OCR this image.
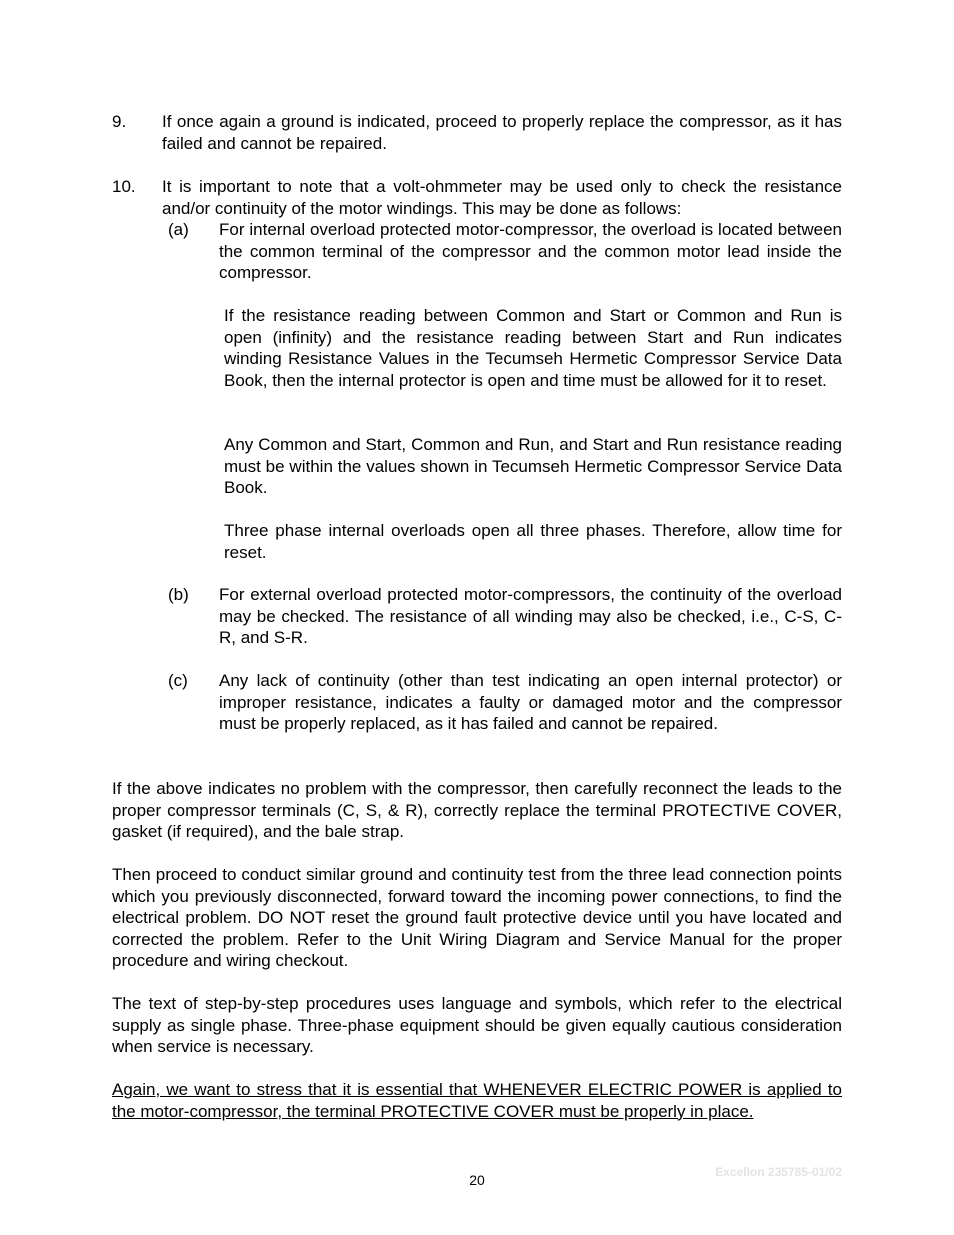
9. If once again a ground is indicated, proceed to properly replace the compressor, as it has failed and cannot be repaired.
10. It is important to note that a volt-ohmmeter may be used only to check the resistance and/or continuity of the motor windings. This may be done as follows:
(a) For internal overload protected motor-compressor, the overload is located between the common terminal of the compressor and the common motor lead inside the compressor.
If the resistance reading between Common and Start or Common and Run is open (infinity) and the resistance reading between Start and Run indicates winding Resistance Values in the Tecumseh Hermetic Compressor Service Data Book, then the internal protector is open and time must be allowed for it to reset.
Any Common and Start, Common and Run, and Start and Run resistance reading must be within the values shown in Tecumseh Hermetic Compressor Service Data Book.
Three phase internal overloads open all three phases. Therefore, allow time for reset.
(b) For external overload protected motor-compressors, the continuity of the overload may be checked. The resistance of all winding may also be checked, i.e., C-S, C-R, and S-R.
(c) Any lack of continuity (other than test indicating an open internal protector) or improper resistance, indicates a faulty or damaged motor and the compressor must be properly replaced, as it has failed and cannot be repaired.
If the above indicates no problem with the compressor, then carefully reconnect the leads to the proper compressor terminals (C, S, & R), correctly replace the terminal PROTECTIVE COVER, gasket (if required), and the bale strap.
Then proceed to conduct similar ground and continuity test from the three lead connection points which you previously disconnected, forward toward the incoming power connections, to find the electrical problem. DO NOT reset the ground fault protective device until you have located and corrected the problem. Refer to the Unit Wiring Diagram and Service Manual for the proper procedure and wiring checkout.
The text of step-by-step procedures uses language and symbols, which refer to the electrical supply as single phase. Three-phase equipment should be given equally cautious consideration when service is necessary.
Again, we want to stress that it is essential that WHENEVER ELECTRIC POWER is applied to the motor-compressor, the terminal PROTECTIVE COVER must be properly in place.
20	Excellon 235785-01/02
